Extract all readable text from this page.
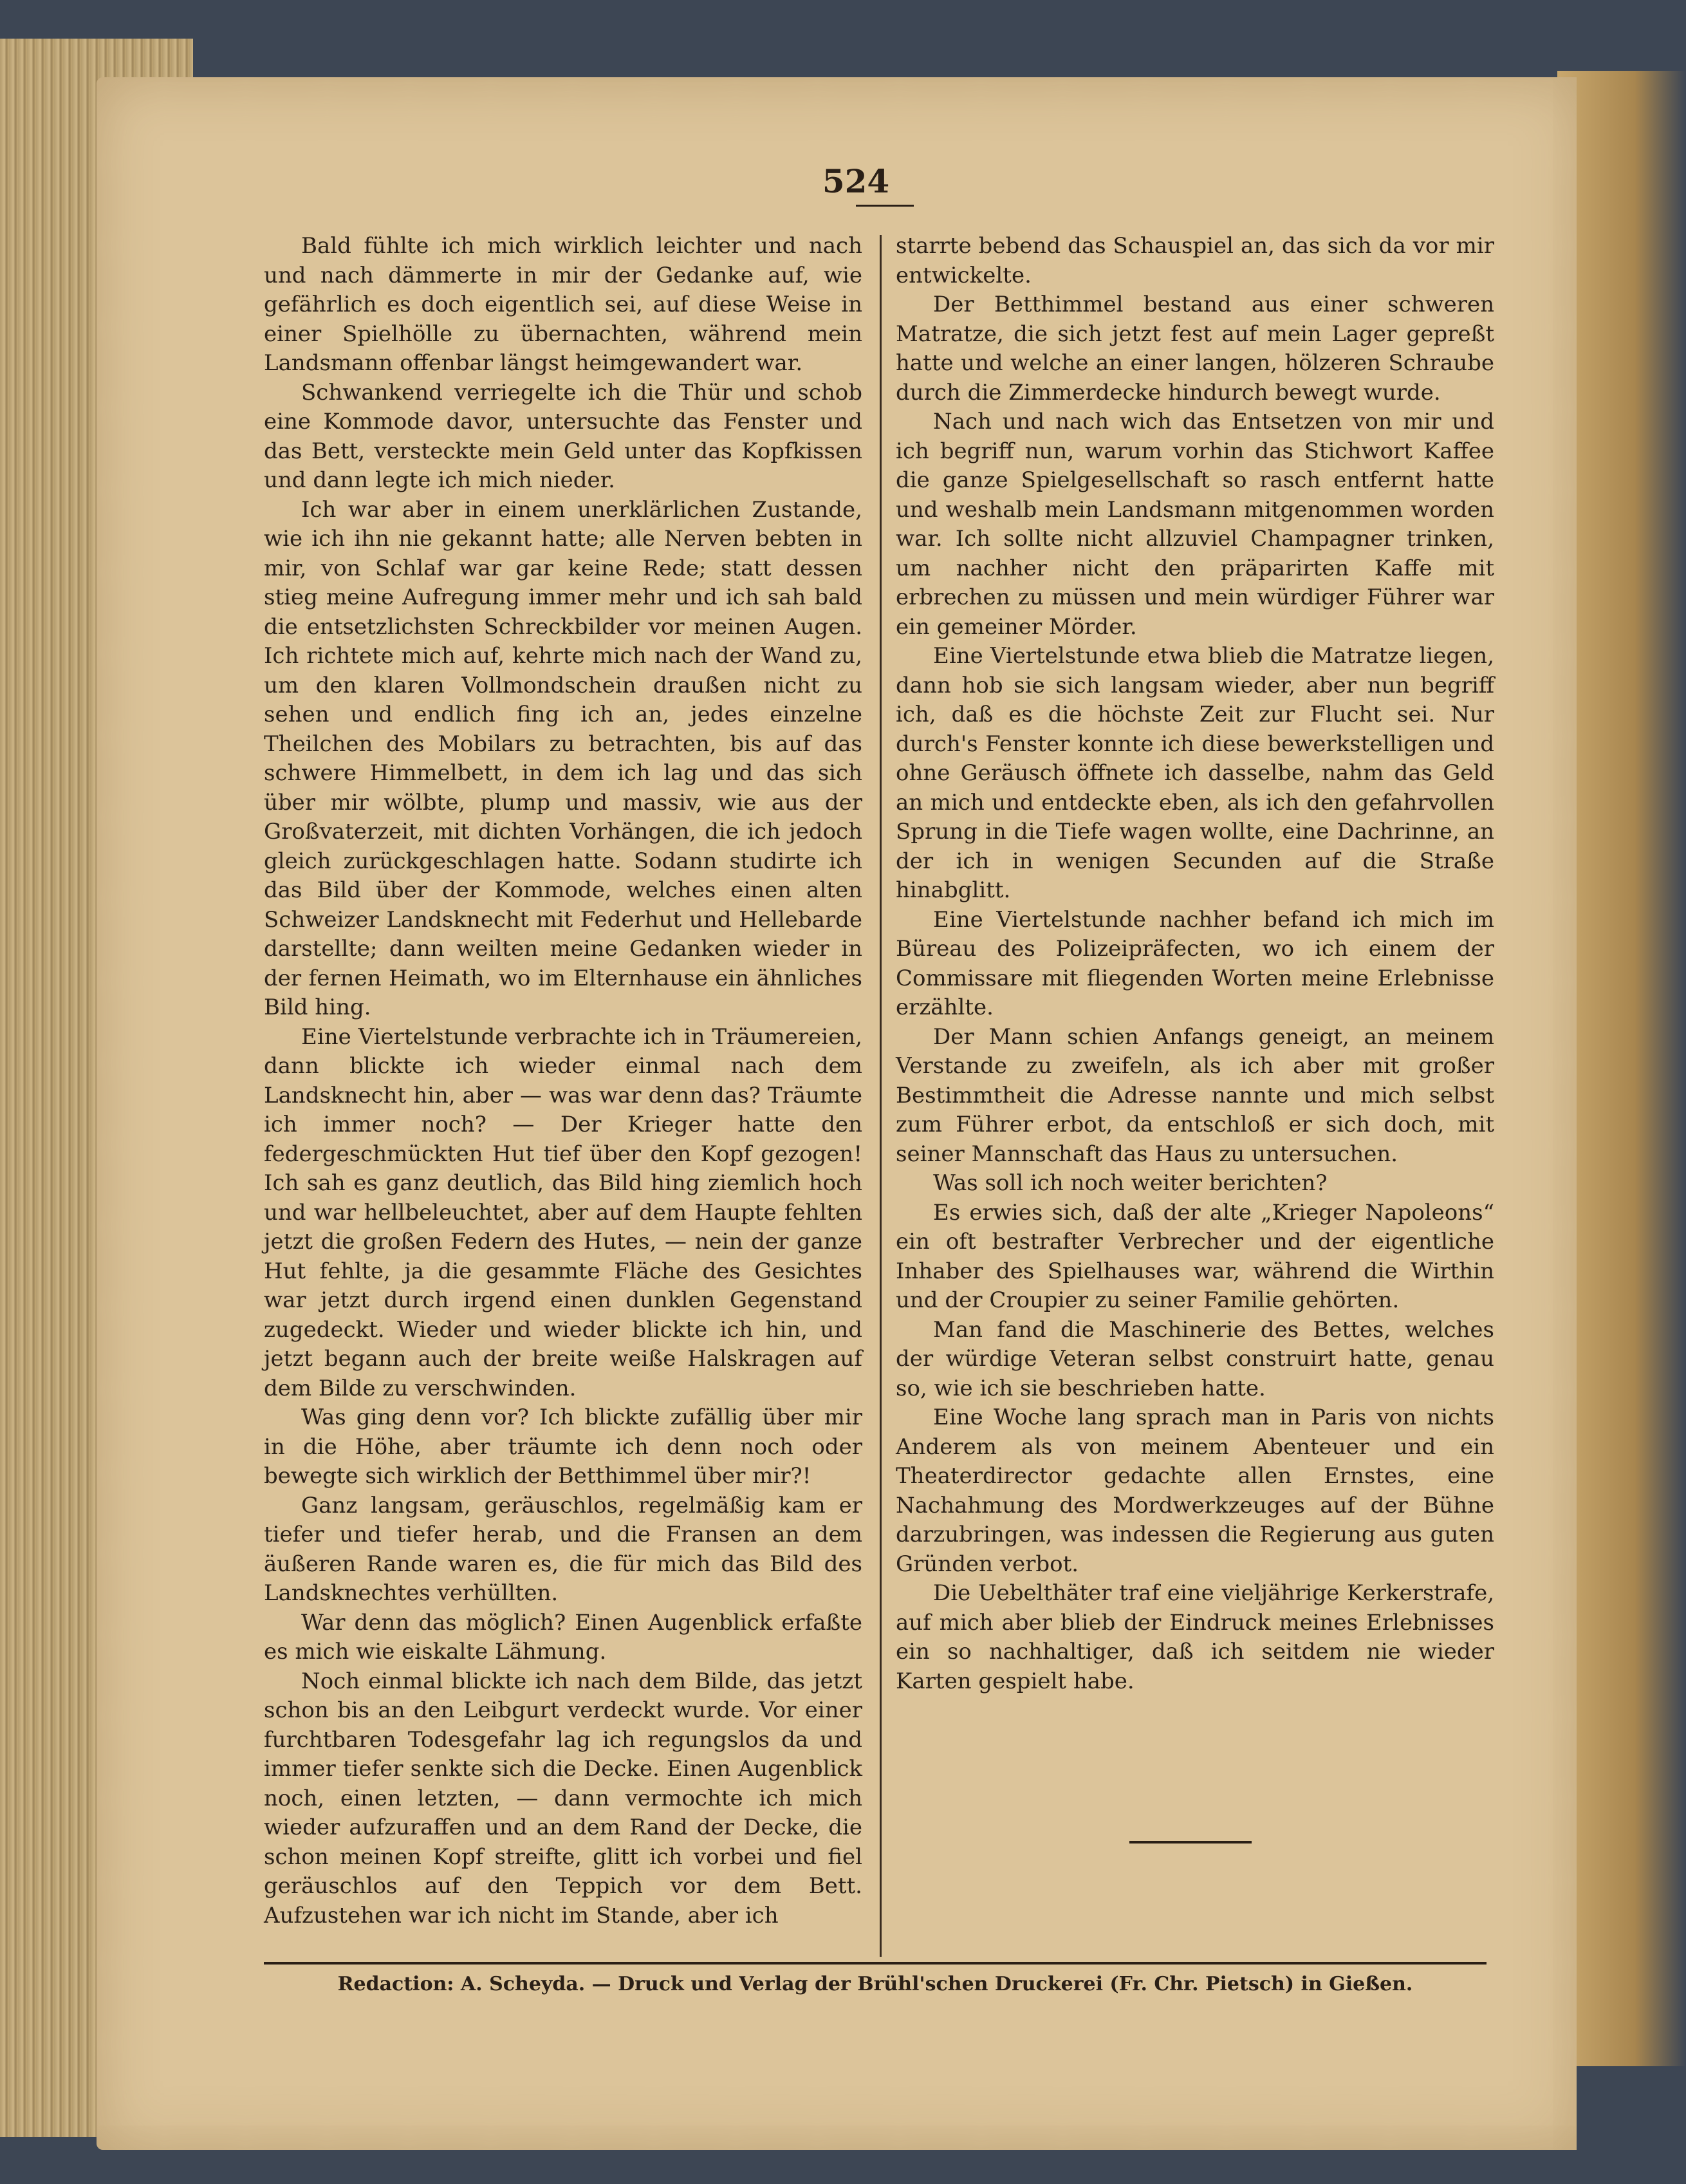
524

Bald fühlte ich mich wirklich leichter und nach und nach dämmerte in mir der Gedanke auf, wie gefährlich es doch eigentlich sei, auf diese Weise in einer Spielhölle zu übernachten, während mein Landsmann offenbar längst heimgewandert war.

Schwankend verriegelte ich die Thür und schob eine Kommode davor, untersuchte das Fenster und das Bett, versteckte mein Geld unter das Kopfkissen und dann legte ich mich nieder.

Ich war aber in einem unerklärlichen Zustande, wie ich ihn nie gekannt hatte; alle Nerven bebten in mir, von Schlaf war gar keine Rede; statt dessen stieg meine Aufregung immer mehr und ich sah bald die entsetzlichsten Schreckbilder vor meinen Augen. Ich richtete mich auf, kehrte mich nach der Wand zu, um den klaren Vollmondschein draußen nicht zu sehen und endlich fing ich an, jedes einzelne Theilchen des Mobilars zu betrachten, bis auf das schwere Himmelbett, in dem ich lag und das sich über mir wölbte, plump und massiv, wie aus der Großvaterzeit, mit dichten Vorhängen, die ich jedoch gleich zurückgeschlagen hatte. Sodann studirte ich das Bild über der Kommode, welches einen alten Schweizer Landsknecht mit Federhut und Hellebarde darstellte; dann weilten meine Gedanken wieder in der fernen Heimath, wo im Elternhause ein ähnliches Bild hing.

Eine Viertelstunde verbrachte ich in Träumereien, dann blickte ich wieder einmal nach dem Landsknecht hin, aber — was war denn das? Träumte ich immer noch? — Der Krieger hatte den federgeschmückten Hut tief über den Kopf gezogen! Ich sah es ganz deutlich, das Bild hing ziemlich hoch und war hellbeleuchtet, aber auf dem Haupte fehlten jetzt die großen Federn des Hutes, — nein der ganze Hut fehlte, ja die gesammte Fläche des Gesichtes war jetzt durch irgend einen dunklen Gegenstand zugedeckt. Wieder und wieder blickte ich hin, und jetzt begann auch der breite weiße Halskragen auf dem Bilde zu verschwinden.

Was ging denn vor? Ich blickte zufällig über mir in die Höhe, aber träumte ich denn noch oder bewegte sich wirklich der Betthimmel über mir?!

Ganz langsam, geräuschlos, regelmäßig kam er tiefer und tiefer herab, und die Fransen an dem äußeren Rande waren es, die für mich das Bild des Landsknechtes verhüllten.

War denn das möglich? Einen Augenblick erfaßte es mich wie eiskalte Lähmung.

Noch einmal blickte ich nach dem Bilde, das jetzt schon bis an den Leibgurt verdeckt wurde. Vor einer furchtbaren Todesgefahr lag ich regungslos da und immer tiefer senkte sich die Decke. Einen Augenblick noch, einen letzten, — dann vermochte ich mich wieder aufzuraffen und an dem Rand der Decke, die schon meinen Kopf streifte, glitt ich vorbei und fiel geräuschlos auf den Teppich vor dem Bett. Aufzustehen war ich nicht im Stande, aber ich

starrte bebend das Schauspiel an, das sich da vor mir entwickelte.

Der Betthimmel bestand aus einer schweren Matratze, die sich jetzt fest auf mein Lager gepreßt hatte und welche an einer langen, hölzeren Schraube durch die Zimmerdecke hindurch bewegt wurde.

Nach und nach wich das Entsetzen von mir und ich begriff nun, warum vorhin das Stichwort Kaffee die ganze Spielgesellschaft so rasch entfernt hatte und weshalb mein Landsmann mitgenommen worden war. Ich sollte nicht allzuviel Champagner trinken, um nachher nicht den präparirten Kaffe mit erbrechen zu müssen und mein würdiger Führer war ein gemeiner Mörder.

Eine Viertelstunde etwa blieb die Matratze liegen, dann hob sie sich langsam wieder, aber nun begriff ich, daß es die höchste Zeit zur Flucht sei. Nur durch's Fenster konnte ich diese bewerkstelligen und ohne Geräusch öffnete ich dasselbe, nahm das Geld an mich und entdeckte eben, als ich den gefahrvollen Sprung in die Tiefe wagen wollte, eine Dachrinne, an der ich in wenigen Secunden auf die Straße hinabglitt.

Eine Viertelstunde nachher befand ich mich im Büreau des Polizeipräfecten, wo ich einem der Commissare mit fliegenden Worten meine Erlebnisse erzählte.

Der Mann schien Anfangs geneigt, an meinem Verstande zu zweifeln, als ich aber mit großer Bestimmtheit die Adresse nannte und mich selbst zum Führer erbot, da entschloß er sich doch, mit seiner Mannschaft das Haus zu untersuchen.

Was soll ich noch weiter berichten?

Es erwies sich, daß der alte „Krieger Napoleons“ ein oft bestrafter Verbrecher und der eigentliche Inhaber des Spielhauses war, während die Wirthin und der Croupier zu seiner Familie gehörten.

Man fand die Maschinerie des Bettes, welches der würdige Veteran selbst construirt hatte, genau so, wie ich sie beschrieben hatte.

Eine Woche lang sprach man in Paris von nichts Anderem als von meinem Abenteuer und ein Theaterdirector gedachte allen Ernstes, eine Nachahmung des Mordwerkzeuges auf der Bühne darzubringen, was indessen die Regierung aus guten Gründen verbot.

Die Uebelthäter traf eine vieljährige Kerkerstrafe, auf mich aber blieb der Eindruck meines Erlebnisses ein so nachhaltiger, daß ich seitdem nie wieder Karten gespielt habe.

Redaction: A. Scheyda. — Druck und Verlag der Brühl'schen Druckerei (Fr. Chr. Pietsch) in Gießen.
